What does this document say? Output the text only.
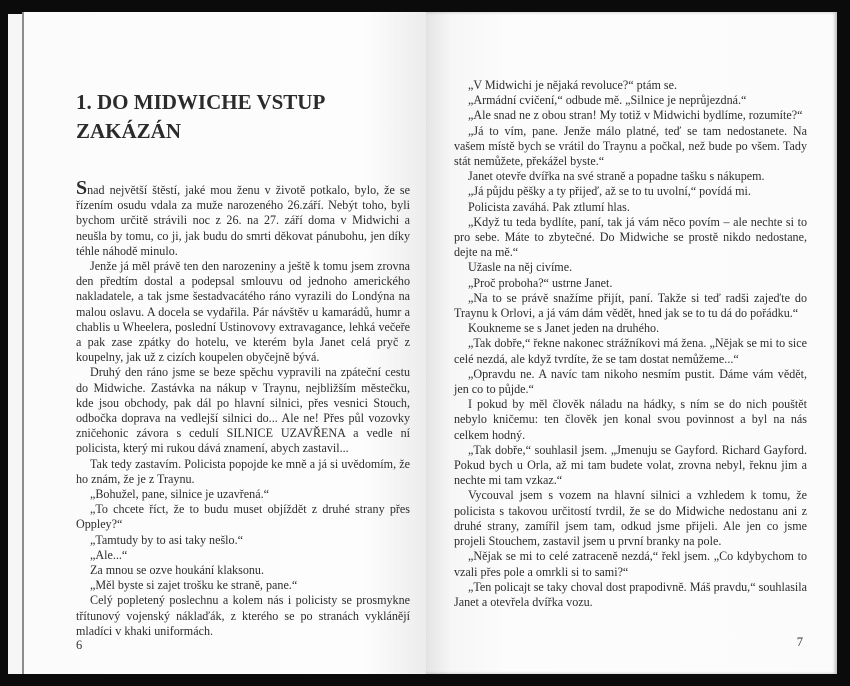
1. DO MIDWICHE VSTUP ZAKÁZÁN

Snad největší štěstí, jaké mou ženu v životě potkalo, bylo, že se řízením osudu vdala za muže narozeného 26.září. Nebýt toho, byli bychom určitě strávili noc z 26. na 27. září doma v Midwichi a neušla by tomu, co ji, jak budu do smrti děkovat pánubohu, jen díky téhle náhodě minulo.

Jenže já měl právě ten den narozeniny a ještě k tomu jsem zrovna den předtím dostal a podepsal smlouvu od jednoho amerického nakladatele, a tak jsme šestadvacátého ráno vyrazili do Londýna na malou oslavu. A docela se vydařila. Pár návštěv u kamarádů, humr a chablis u Wheelera, poslední Ustinovovy extravagance, lehká večeře a pak zase zpátky do hotelu, ve kterém byla Janet celá pryč z koupelny, jak už z cizích koupelen obyčejně bývá.

Druhý den ráno jsme se beze spěchu vypravili na zpáteční cestu do Midwiche. Zastávka na nákup v Traynu, nejbližším městečku, kde jsou obchody, pak dál po hlavní silnici, přes vesnici Stouch, odbočka doprava na vedlejší silnici do... Ale ne! Přes půl vozovky zničehonic závora s cedulí SILNICE UZAVŘENA a vedle ní policista, který mi rukou dává znamení, abych zastavil...

Tak tedy zastavím. Policista popojde ke mně a já si uvědomím, že ho znám, že je z Traynu.

„Bohužel, pane, silnice je uzavřená.“

„To chcete říct, že to budu muset objíždět z druhé strany přes Oppley?“

„Tamtudy by to asi taky nešlo.“

„Ale...“

Za mnou se ozve houkání klaksonu.

„Měl byste si zajet trošku ke straně, pane.“

Celý popletený poslechnu a kolem nás i policisty se prosmykne třítunový vojenský náklaďák, z kterého se po stranách vyklánějí mladíci v khaki uniformách.

6

„V Midwichi je nějaká revoluce?“ ptám se.

„Armádní cvičení,“ odbude mě. „Silnice je neprůjezdná.“

„Ale snad ne z obou stran! My totiž v Midwichi bydlíme, rozumíte?“

„Já to vím, pane. Jenže málo platné, teď se tam nedostanete. Na vašem místě bych se vrátil do Traynu a počkal, než bude po všem. Tady stát nemůžete, překážel byste.“

Janet otevře dvířka na své straně a popadne tašku s nákupem.

„Já půjdu pěšky a ty přijeď, až se to tu uvolní,“ povídá mi.

Policista zaváhá. Pak ztlumí hlas.

„Když tu teda bydlíte, paní, tak já vám něco povím – ale nechte si to pro sebe. Máte to zbytečné. Do Midwiche se prostě nikdo nedostane, dejte na mě.“

Užasle na něj civíme.

„Proč proboha?“ ustrne Janet.

„Na to se právě snažíme přijít, paní. Takže si teď radši zajeďte do Traynu k Orlovi, a já vám dám vědět, hned jak se to tu dá do pořádku.“

Koukneme se s Janet jeden na druhého.

„Tak dobře,“ řekne nakonec strážníkovi má žena. „Nějak se mi to sice celé nezdá, ale když tvrdíte, že se tam dostat nemůžeme...“

„Opravdu ne. A navíc tam nikoho nesmím pustit. Dáme vám vědět, jen co to půjde.“

I pokud by měl člověk náladu na hádky, s ním se do nich pouštět nebylo kničemu: ten člověk jen konal svou povinnost a byl na nás celkem hodný.

„Tak dobře,“ souhlasil jsem. „Jmenuju se Gayford. Richard Gayford. Pokud bych u Orla, až mi tam budete volat, zrovna nebyl, řeknu jim a nechte mi tam vzkaz.“

Vycouval jsem s vozem na hlavní silnici a vzhledem k tomu, že policista s takovou určitostí tvrdil, že se do Midwiche nedostanu ani z druhé strany, zamířil jsem tam, odkud jsme přijeli. Ale jen co jsme projeli Stouchem, zastavil jsem u první branky na pole.

„Nějak se mi to celé zatraceně nezdá,“ řekl jsem. „Co kdybychom to vzali přes pole a omrkli si to sami?“

„Ten policajt se taky choval dost prapodivně. Máš pravdu,“ souhlasila Janet a otevřela dvířka vozu.

7
